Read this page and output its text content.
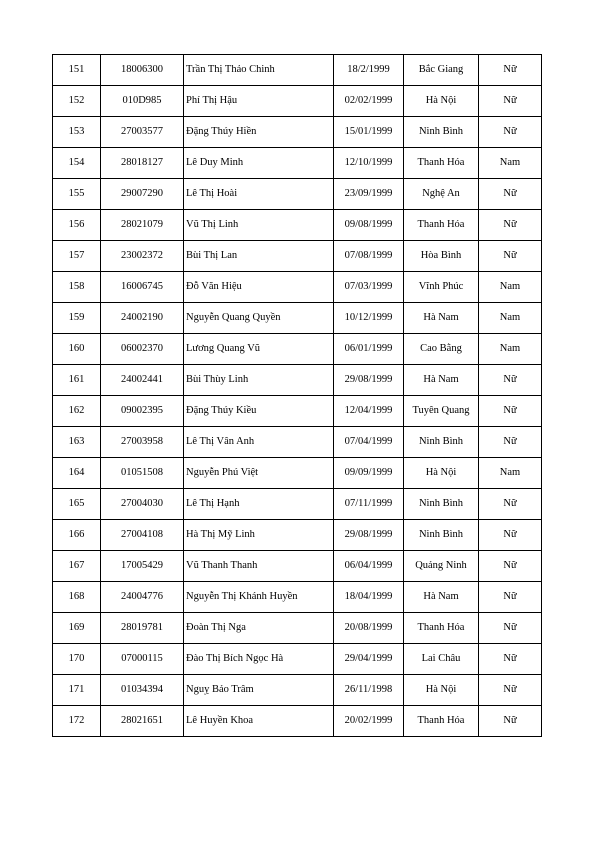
151	18006300	Trần Thị Thảo Chinh	18/2/1999	Bắc Giang	Nữ
152	010D985	Phí Thị Hậu	02/02/1999	Hà Nội	Nữ
153	27003577	Đặng Thúy Hiền	15/01/1999	Ninh Bình	Nữ
154	28018127	Lê Duy Minh	12/10/1999	Thanh Hóa	Nam
155	29007290	Lê Thị Hoài	23/09/1999	Nghệ An	Nữ
156	28021079	Vũ Thị Linh	09/08/1999	Thanh Hóa	Nữ
157	23002372	Bùi Thị Lan	07/08/1999	Hòa Bình	Nữ
158	16006745	Đỗ Văn Hiệu	07/03/1999	Vĩnh Phúc	Nam
159	24002190	Nguyễn Quang Quyền	10/12/1999	Hà Nam	Nam
160	06002370	Lương Quang Vũ	06/01/1999	Cao Bằng	Nam
161	24002441	Bùi Thùy Linh	29/08/1999	Hà Nam	Nữ
162	09002395	Đặng Thúy Kiều	12/04/1999	Tuyên Quang	Nữ
163	27003958	Lê Thị Vân Anh	07/04/1999	Ninh Bình	Nữ
164	01051508	Nguyễn Phú Việt	09/09/1999	Hà Nội	Nam
165	27004030	Lê Thị Hạnh	07/11/1999	Ninh Bình	Nữ
166	27004108	Hà Thị Mỹ Linh	29/08/1999	Ninh Bình	Nữ
167	17005429	Vũ Thanh Thanh	06/04/1999	Quảng Ninh	Nữ
168	24004776	Nguyễn Thị Khánh Huyền	18/04/1999	Hà Nam	Nữ
169	28019781	Đoàn Thị Nga	20/08/1999	Thanh Hóa	Nữ
170	07000115	Đào Thị Bích Ngọc Hà	29/04/1999	Lai Châu	Nữ
171	01034394	Nguỵ Bảo Trâm	26/11/1998	Hà Nội	Nữ
172	28021651	Lê Huyền Khoa	20/02/1999	Thanh Hóa	Nữ
